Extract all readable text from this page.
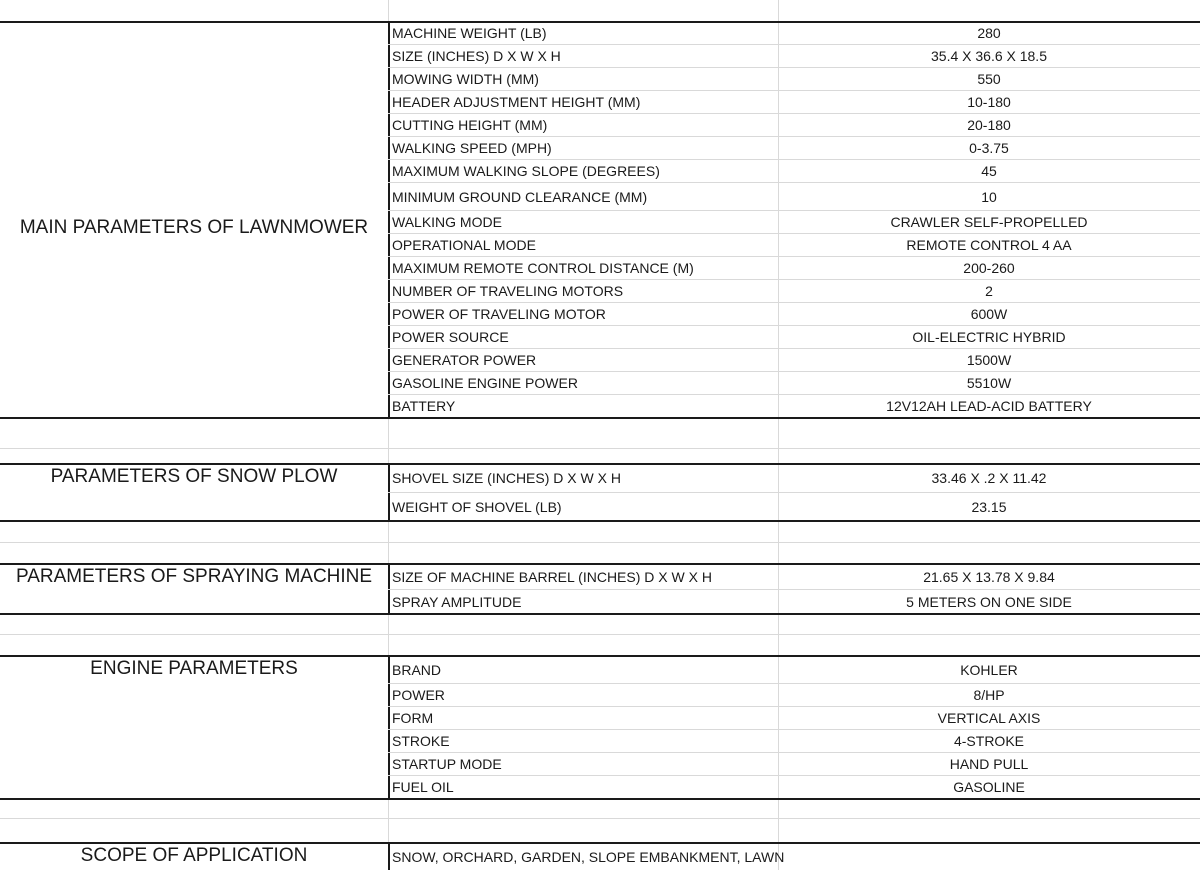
MAIN PARAMETERS OF LAWNMOWER
MACHINE WEIGHT (LB)	280
SIZE (INCHES) D X W X H	35.4 X 36.6 X 18.5
MOWING WIDTH (MM)	550
HEADER ADJUSTMENT HEIGHT (MM)	10-180
CUTTING HEIGHT (MM)	20-180
WALKING SPEED (MPH)	0-3.75
MAXIMUM WALKING SLOPE (DEGREES)	45
MINIMUM GROUND CLEARANCE (MM)	10
WALKING MODE	CRAWLER SELF-PROPELLED
OPERATIONAL MODE	REMOTE CONTROL 4 AA
MAXIMUM REMOTE CONTROL DISTANCE (M)	200-260
NUMBER OF TRAVELING MOTORS	2
POWER OF TRAVELING MOTOR	600W
POWER SOURCE	OIL-ELECTRIC HYBRID
GENERATOR POWER	1500W
GASOLINE ENGINE POWER	5510W
BATTERY	12V12AH LEAD-ACID BATTERY
PARAMETERS OF SNOW PLOW	SHOVEL SIZE (INCHES) D X W X H	33.46 X .2 X 11.42
WEIGHT OF SHOVEL (LB)	23.15
PARAMETERS OF SPRAYING MACHINE	SIZE OF MACHINE BARREL (INCHES) D X W X H	21.65 X 13.78 X 9.84
SPRAY AMPLITUDE	5 METERS ON ONE SIDE
ENGINE PARAMETERS	BRAND	KOHLER
POWER	8/HP
FORM	VERTICAL AXIS
STROKE	4-STROKE
STARTUP MODE	HAND PULL
FUEL OIL	GASOLINE
SCOPE OF APPLICATION	SNOW, ORCHARD, GARDEN, SLOPE EMBANKMENT, LAWN
